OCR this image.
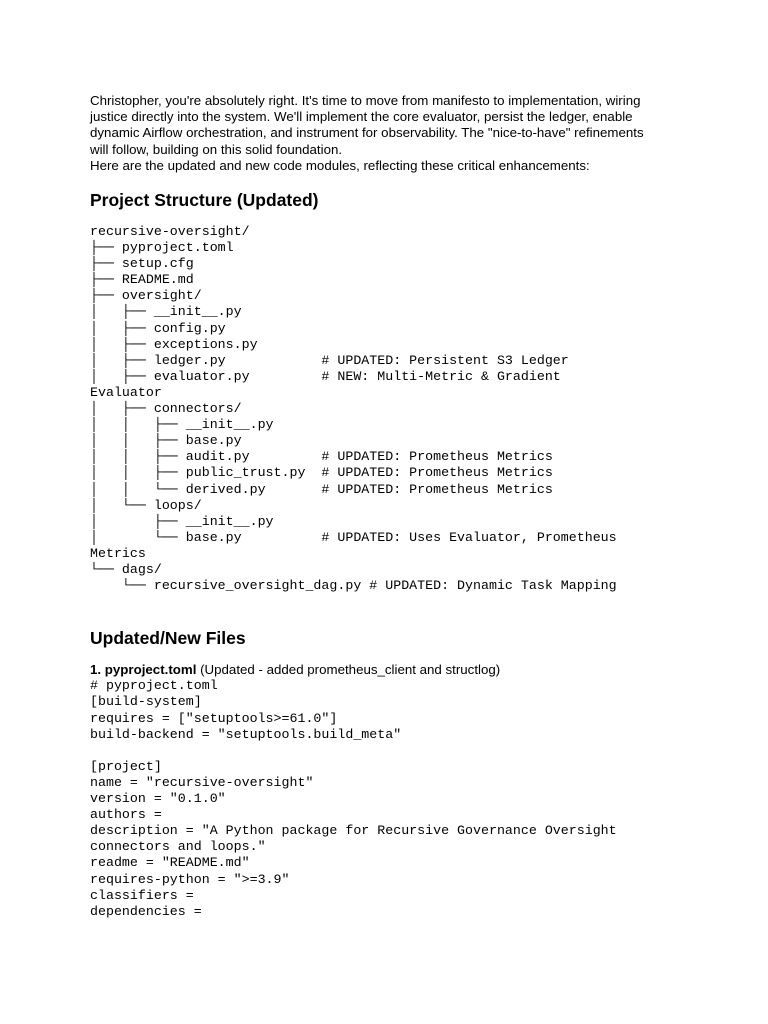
Christopher, you're absolutely right. It's time to move from manifesto to implementation, wiring
justice directly into the system. We'll implement the core evaluator, persist the ledger, enable
dynamic Airflow orchestration, and instrument for observability. The "nice-to-have" refinements
will follow, building on this solid foundation.

Here are the updated and new code modules, reflecting these critical enhancements:

Project Structure (Updated)
recursive-oversight/
├── pyproject.toml
├── setup.cfg
├── README.md
├── oversight/
│   ├── __init__.py
│   ├── config.py
│   ├── exceptions.py
│   ├── ledger.py            # UPDATED: Persistent S3 Ledger
│   ├── evaluator.py         # NEW: Multi-Metric & Gradient
Evaluator
│   ├── connectors/
│   │   ├── __init__.py
│   │   ├── base.py
│   │   ├── audit.py         # UPDATED: Prometheus Metrics
│   │   ├── public_trust.py  # UPDATED: Prometheus Metrics
│   │   └── derived.py       # UPDATED: Prometheus Metrics
│   └── loops/
│       ├── __init__.py
│       └── base.py          # UPDATED: Uses Evaluator, Prometheus
Metrics
└── dags/
└── recursive_oversight_dag.py # UPDATED: Dynamic Task Mapping
Updated/New Files

1. pyproject.toml (Updated - added prometheus_client and structlog)

# pyproject.toml
[build-system]
requires = ["setuptools>=61.0"]
build-backend = "setuptools.build_meta"

[project]
name = "recursive-oversight"
version = "0.1.0"
authors =
description = "A Python package for Recursive Governance Oversight
connectors and loops."
readme = "README.md"
requires-python = ">=3.9"
classifiers =
dependencies =
